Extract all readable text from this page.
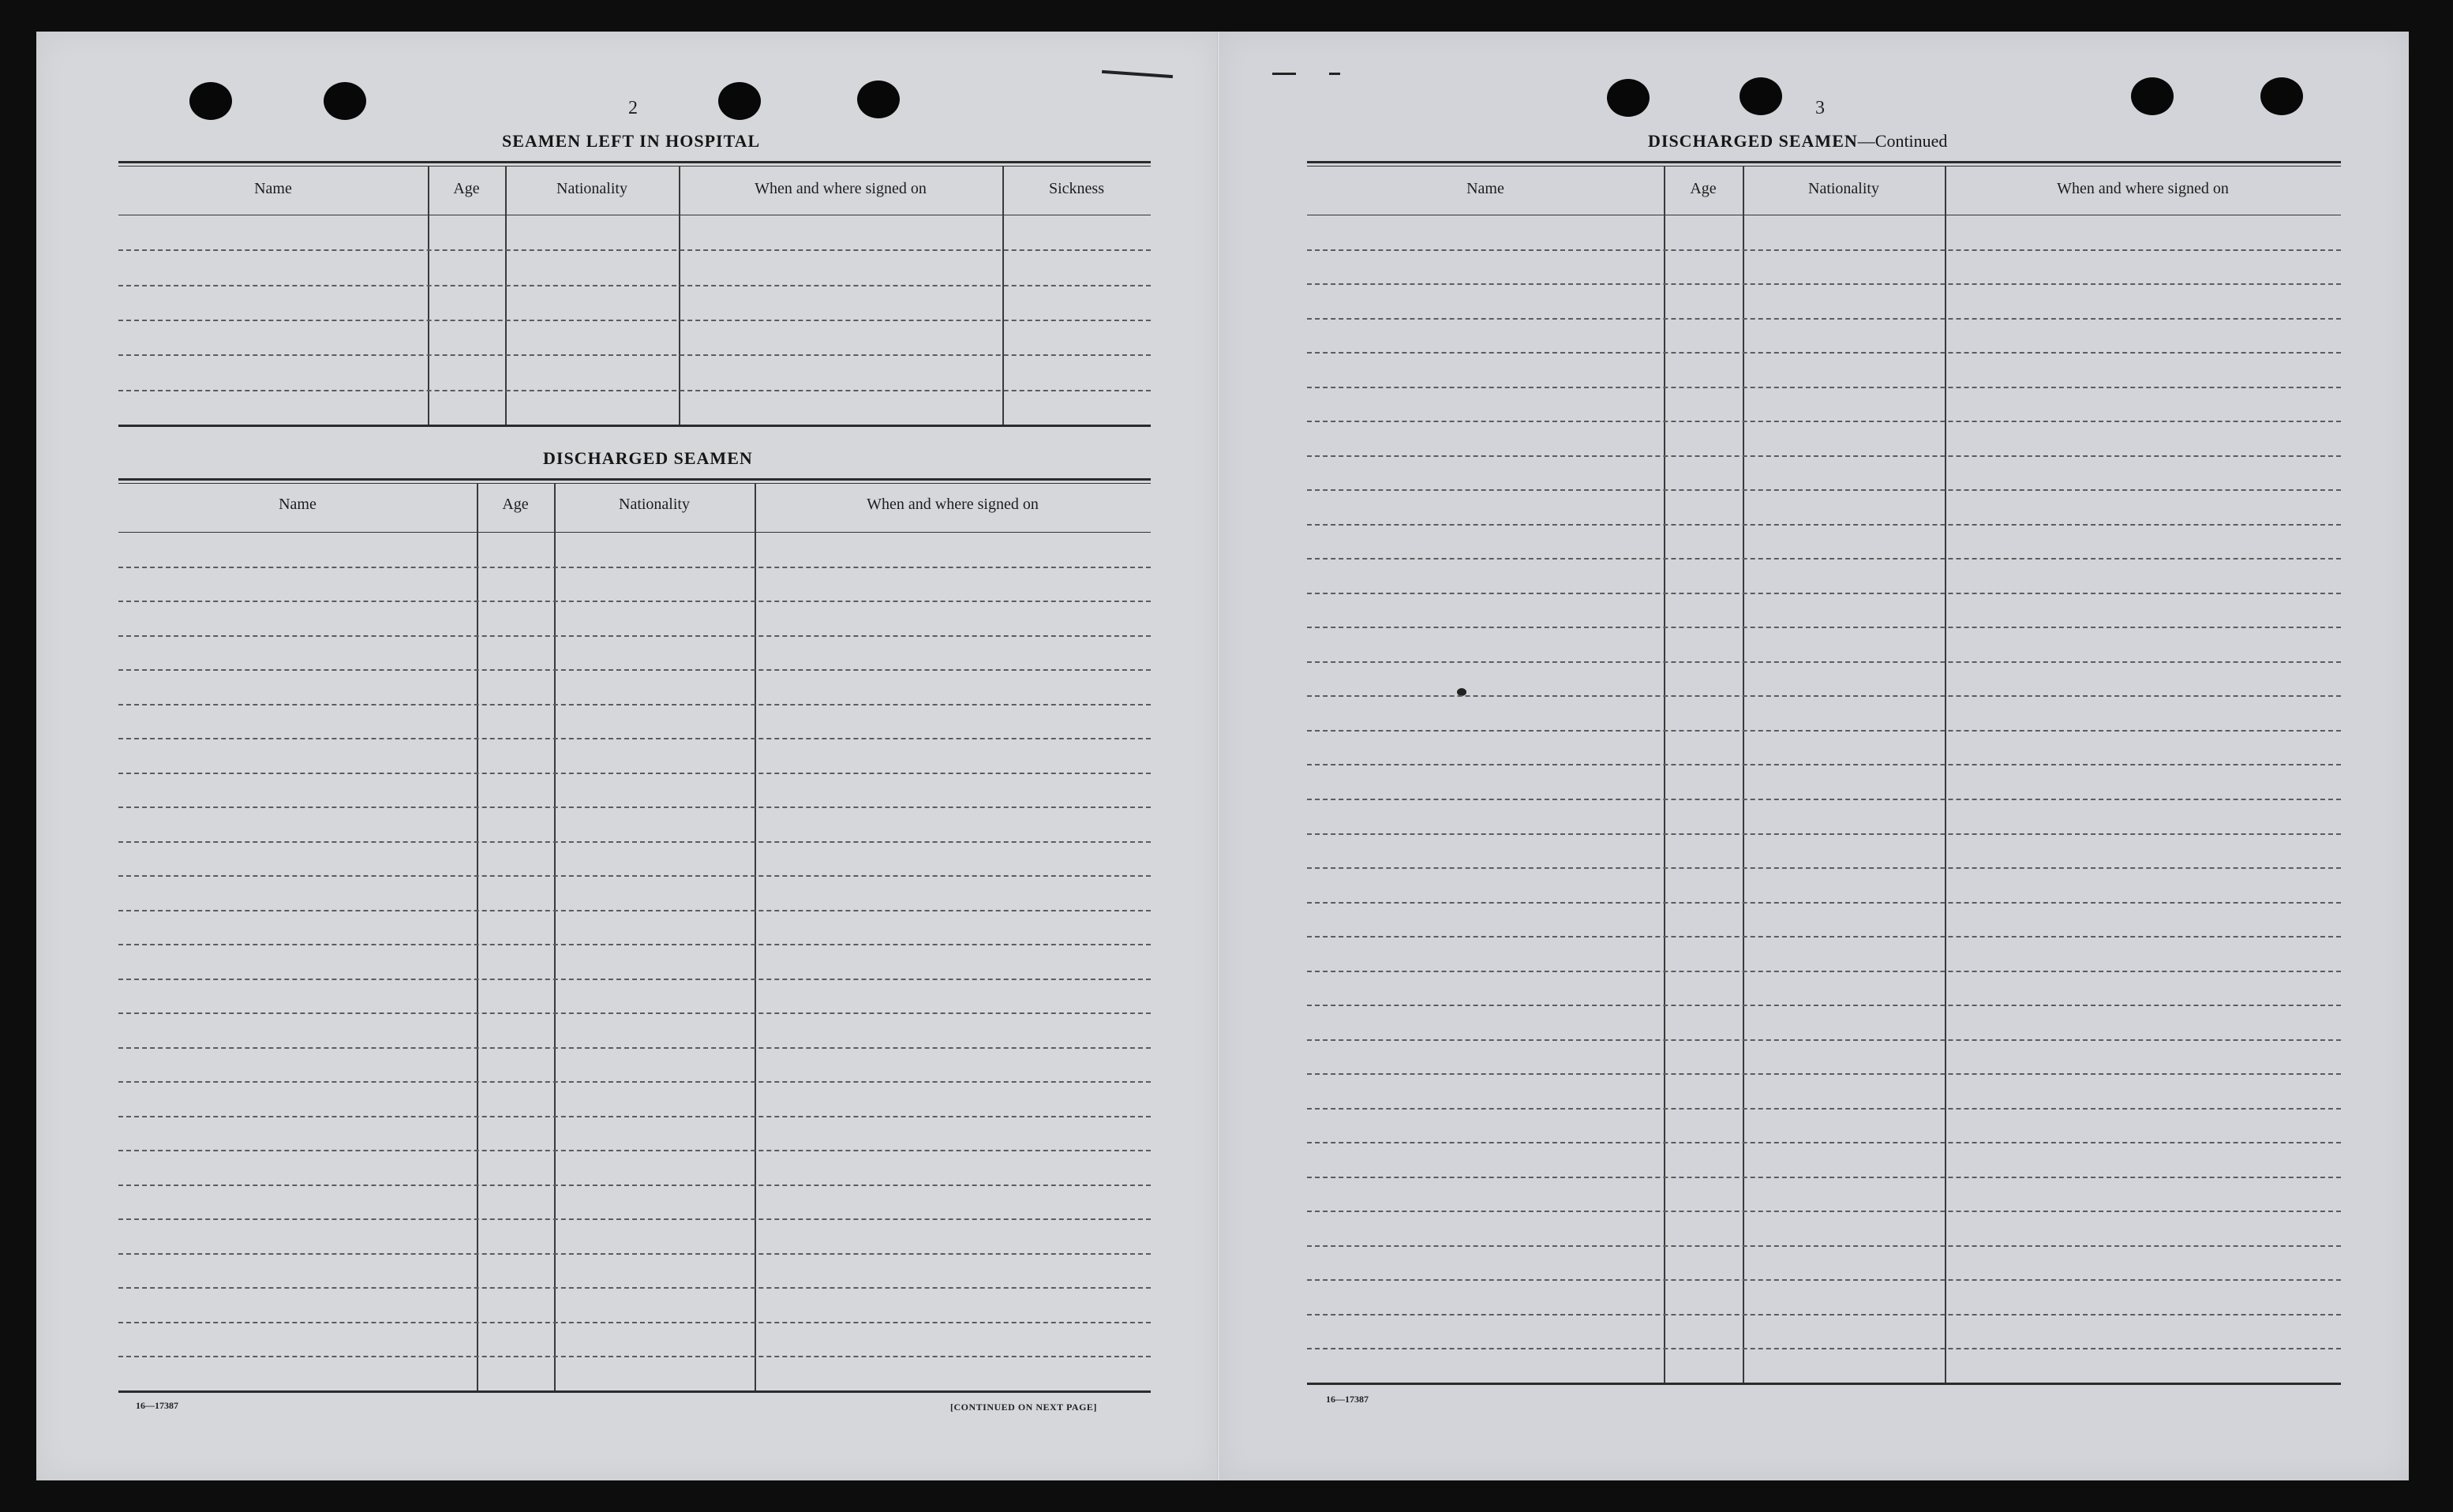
2
SEAMEN LEFT IN HOSPITAL
DISCHARGED SEAMEN
16—17387	[CONTINUED ON NEXT PAGE]
3
DISCHARGED SEAMEN—Continued
16—17387
Name	Age	Nationality	When and where signed on	Sickness
Name	Age	Nationality	When and where signed on
Name	Age	Nationality	When and where signed on
